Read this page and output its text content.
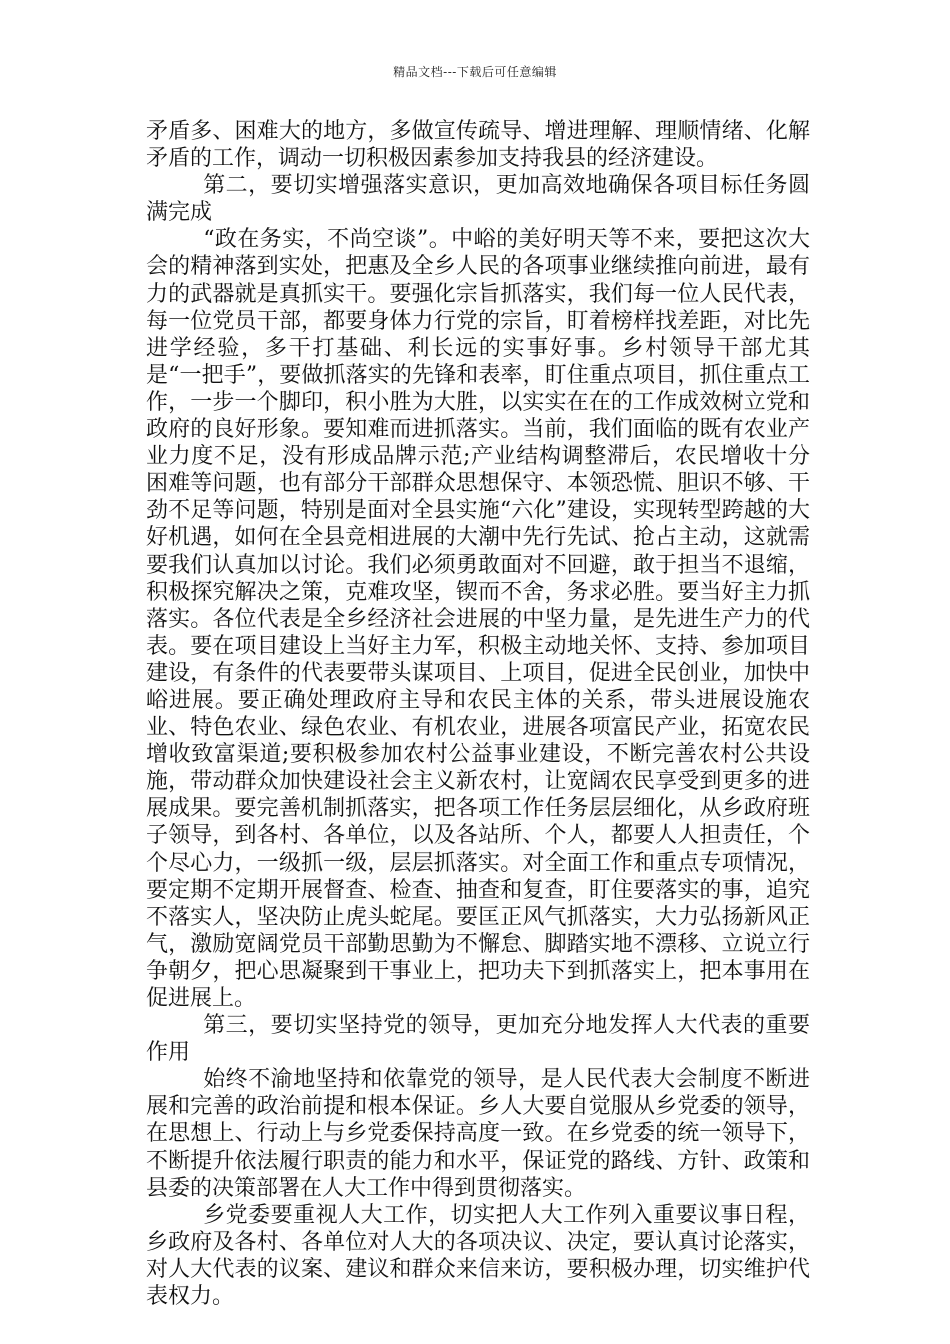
精品文档---下载后可任意编辑

矛盾多、困难大的地方，多做宣传疏导、增进理解、理顺情绪、化解矛盾的工作，调动一切积极因素参加支持我县的经济建设。

第二，要切实增强落实意识，更加高效地确保各项目标任务圆满完成

“政在务实，不尚空谈”。中峪的美好明天等不来，要把这次大会的精神落到实处，把惠及全乡人民的各项事业继续推向前进，最有力的武器就是真抓实干。要强化宗旨抓落实，我们每一位人民代表，每一位党员干部，都要身体力行党的宗旨，盯着榜样找差距，对比先进学经验，多干打基础、利长远的实事好事。乡村领导干部尤其是“一把手”，要做抓落实的先锋和表率，盯住重点项目，抓住重点工作，一步一个脚印，积小胜为大胜，以实实在在的工作成效树立党和政府的良好形象。要知难而进抓落实。当前，我们面临的既有农业产业力度不足，没有形成品牌示范;产业结构调整滞后，农民增收十分困难等问题，也有部分干部群众思想保守、本领恐慌、胆识不够、干劲不足等问题，特别是面对全县实施“六化”建设，实现转型跨越的大好机遇，如何在全县竞相进展的大潮中先行先试、抢占主动，这就需要我们认真加以讨论。我们必须勇敢面对不回避，敢于担当不退缩，积极探究解决之策，克难攻坚，锲而不舍，务求必胜。要当好主力抓落实。各位代表是全乡经济社会进展的中坚力量，是先进生产力的代表。要在项目建设上当好主力军，积极主动地关怀、支持、参加项目建设，有条件的代表要带头谋项目、上项目，促进全民创业，加快中峪进展。要正确处理政府主导和农民主体的关系，带头进展设施农业、特色农业、绿色农业、有机农业，进展各项富民产业，拓宽农民增收致富渠道;要积极参加农村公益事业建设，不断完善农村公共设施，带动群众加快建设社会主义新农村，让宽阔农民享受到更多的进展成果。要完善机制抓落实，把各项工作任务层层细化，从乡政府班子领导，到各村、各单位，以及各站所、个人，都要人人担责任，个个尽心力，一级抓一级，层层抓落实。对全面工作和重点专项情况，要定期不定期开展督查、检查、抽查和复查，盯住要落实的事，追究不落实人，坚决防止虎头蛇尾。要匡正风气抓落实，大力弘扬新风正气，激励宽阔党员干部勤思勤为不懈怠、脚踏实地不漂移、立说立行争朝夕，把心思凝聚到干事业上，把功夫下到抓落实上，把本事用在促进展上。

第三，要切实坚持党的领导，更加充分地发挥人大代表的重要作用

始终不渝地坚持和依靠党的领导，是人民代表大会制度不断进展和完善的政治前提和根本保证。乡人大要自觉服从乡党委的领导，在思想上、行动上与乡党委保持高度一致。在乡党委的统一领导下，不断提升依法履行职责的能力和水平，保证党的路线、方针、政策和县委的决策部署在人大工作中得到贯彻落实。

乡党委要重视人大工作，切实把人大工作列入重要议事日程，乡政府及各村、各单位对人大的各项决议、决定，要认真讨论落实，对人大代表的议案、建议和群众来信来访，要积极办理，切实维护代表权力。
